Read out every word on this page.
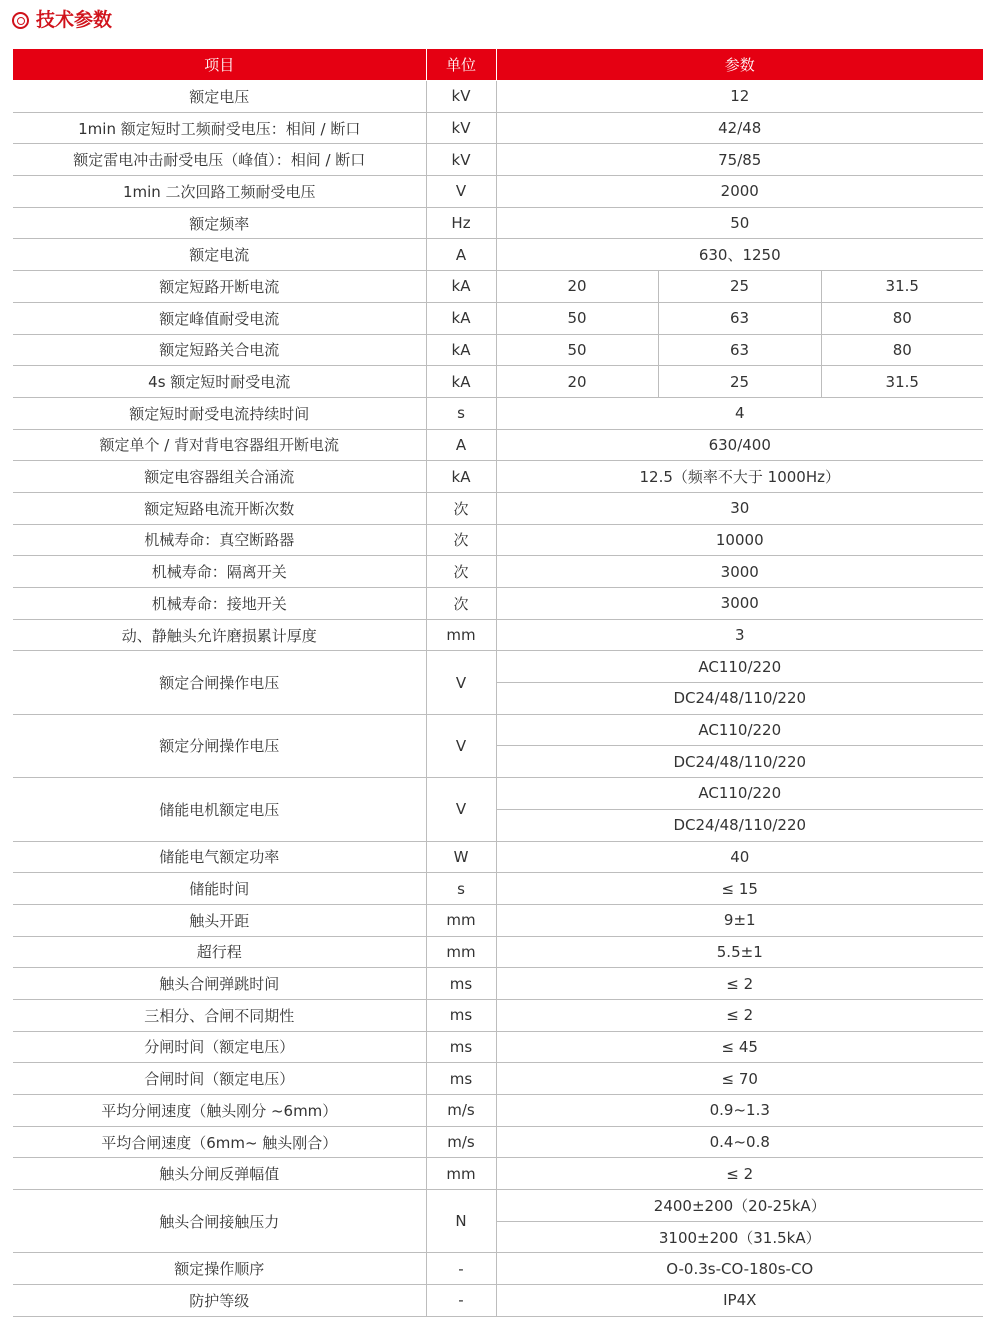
技术参数
项目	单位	参数		
额定电压	kV	12		
1min 额定短时工频耐受电压：相间 / 断口	kV	42/48		
额定雷电冲击耐受电压（峰值）：相间 / 断口	kV	75/85		
1min 二次回路工频耐受电压	V	2000		
额定频率	Hz	50		
额定电流	A	630、1250		
额定短路开断电流	kA	20	25	31.5
额定峰值耐受电流	kA	50	63	80
额定短路关合电流	kA	50	63	80
4s 额定短时耐受电流	kA	20	25	31.5
额定短时耐受电流持续时间	s	4		
额定单个 / 背对背电容器组开断电流	A	630/400		
额定电容器组关合涌流	kA	12.5（频率不大于 1000Hz）		
额定短路电流开断次数	次	30		
机械寿命：真空断路器	次	10000		
机械寿命：隔离开关	次	3000		
机械寿命：接地开关	次	3000		
动、静触头允许磨损累计厚度	mm	3		
额定合闸操作电压	V	AC110/220		
		DC24/48/110/220		
额定分闸操作电压	V	AC110/220		
		DC24/48/110/220		
储能电机额定电压	V	AC110/220		
		DC24/48/110/220		
储能电气额定功率	W	40		
储能时间	s	≤ 15		
触头开距	mm	9±1		
超行程	mm	5.5±1		
触头合闸弹跳时间	ms	≤ 2		
三相分、合闸不同期性	ms	≤ 2		
分闸时间（额定电压）	ms	≤ 45		
合闸时间（额定电压）	ms	≤ 70		
平均分闸速度（触头刚分 ~6mm）	m/s	0.9~1.3		
平均合闸速度（6mm~ 触头刚合）	m/s	0.4~0.8		
触头分闸反弹幅值	mm	≤ 2		
触头合闸接触压力	N	2400±200（20-25kA）		
		3100±200（31.5kA）		
额定操作顺序	-	O-0.3s-CO-180s-CO		
防护等级	-	IP4X		
